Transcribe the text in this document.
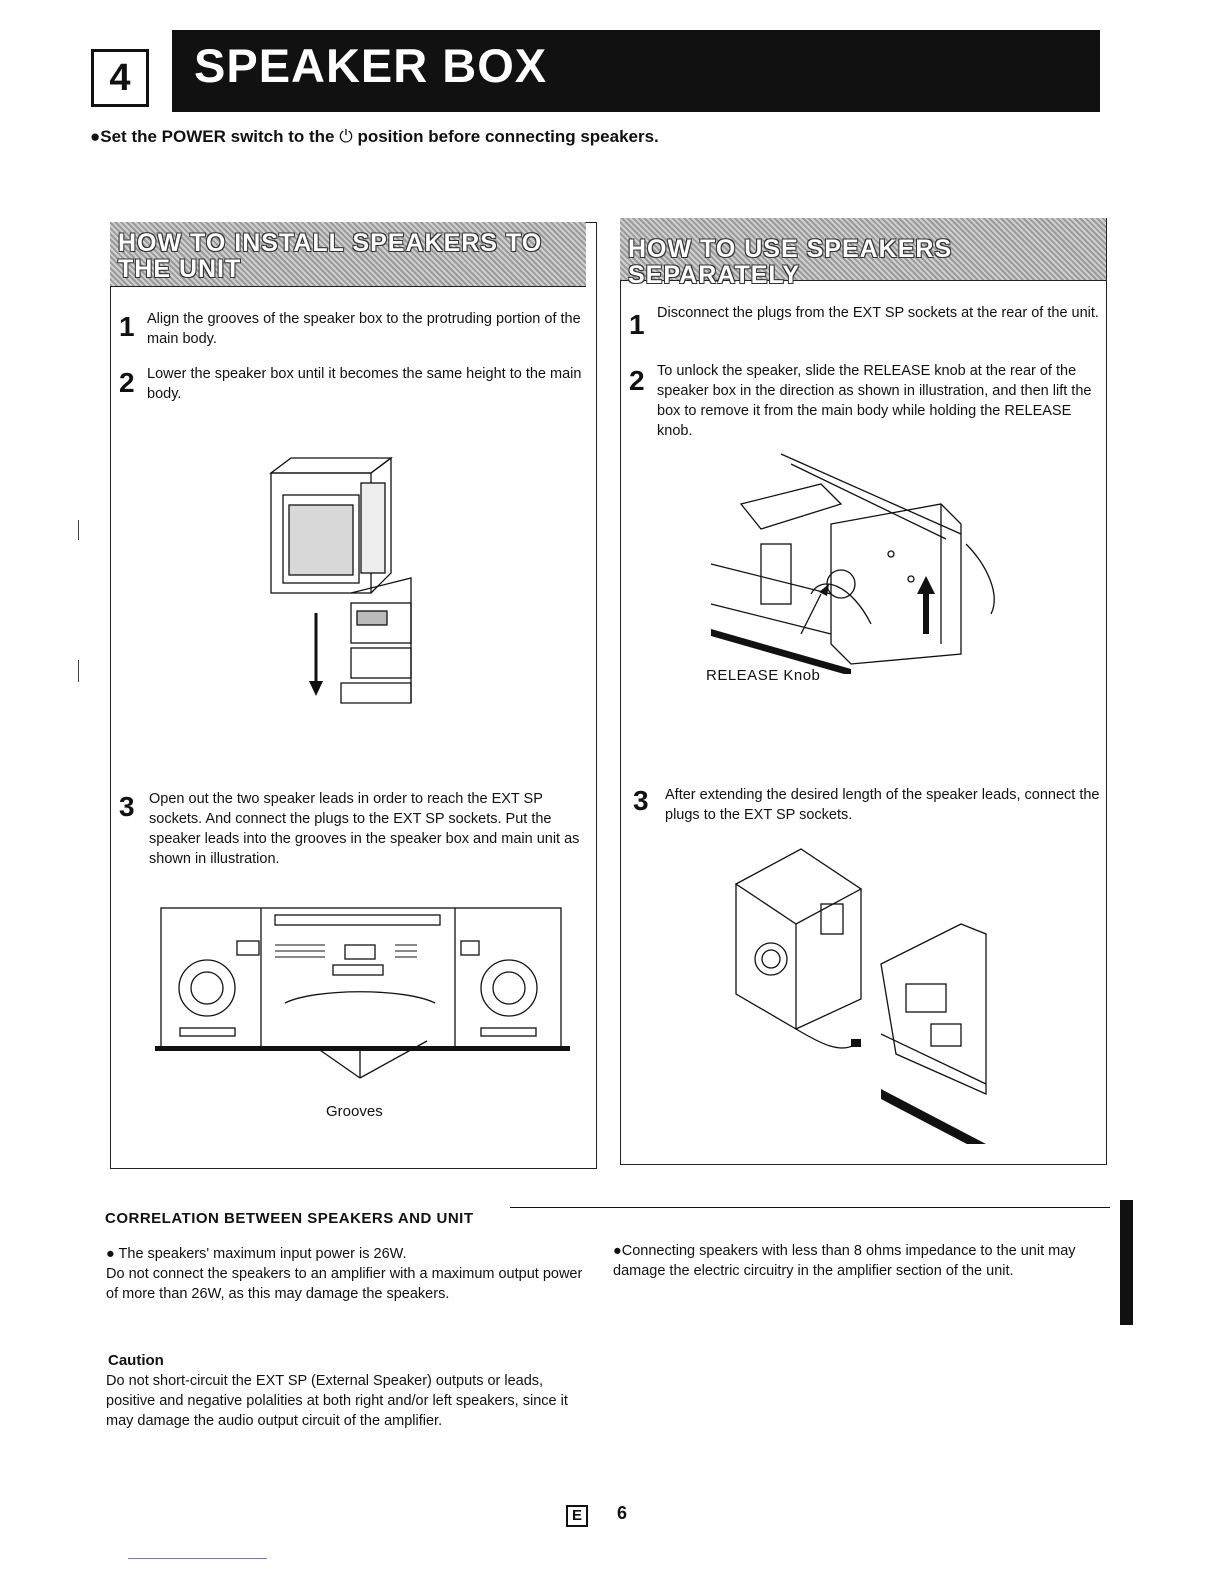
4	SPEAKER BOX
●Set the POWER switch to the ⏻ position before connecting speakers.
HOW TO INSTALL SPEAKERS TO THE UNIT
1 Align the grooves of the speaker box to the protruding portion of the main body.
2 Lower the speaker box until it becomes the same height to the main body.
3 Open out the two speaker leads in order to reach the EXT SP sockets. And connect the plugs to the EXT SP sockets. Put the speaker leads into the grooves in the speaker box and main unit as shown in illustration.
Grooves
HOW TO USE SPEAKERS SEPARATELY
1 Disconnect the plugs from the EXT SP sockets at the rear of the unit.
2 To unlock the speaker, slide the RELEASE knob at the rear of the speaker box in the direction as shown in illustration, and then lift the box to remove it from the main body while holding the RELEASE knob.
RELEASE Knob
3 After extending the desired length of the speaker leads, connect the plugs to the EXT SP sockets.
CORRELATION BETWEEN SPEAKERS AND UNIT
● The speakers' maximum input power is 26W.
Do not connect the speakers to an amplifier with a maximum output power of more than 26W, as this may damage the speakers.
●Connecting speakers with less than 8 ohms impedance to the unit may damage the electric circuitry in the amplifier section of the unit.
Caution
Do not short-circuit the EXT SP (External Speaker) outputs or leads, positive and negative polalities at both right and/or left speakers, since it may damage the audio output circuit of the amplifier.
E	6
